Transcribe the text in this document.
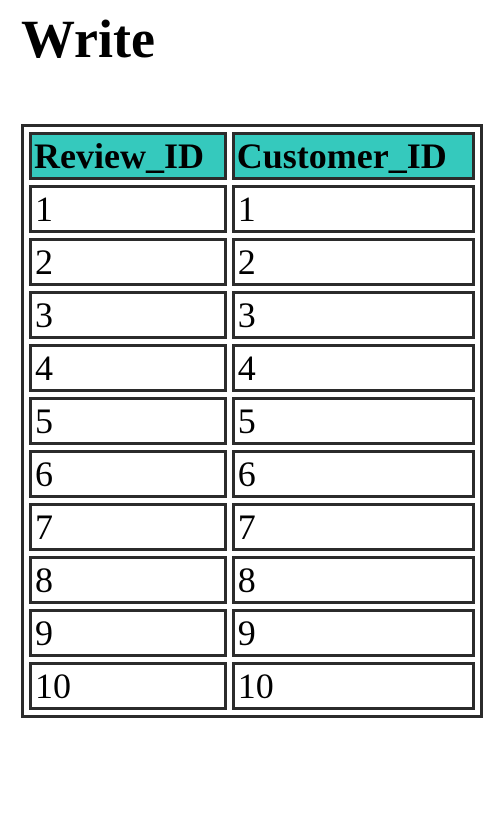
Write
Review_ID	Customer_ID
1	1
2	2
3	3
4	4
5	5
6	6
7	7
8	8
9	9
10	10
